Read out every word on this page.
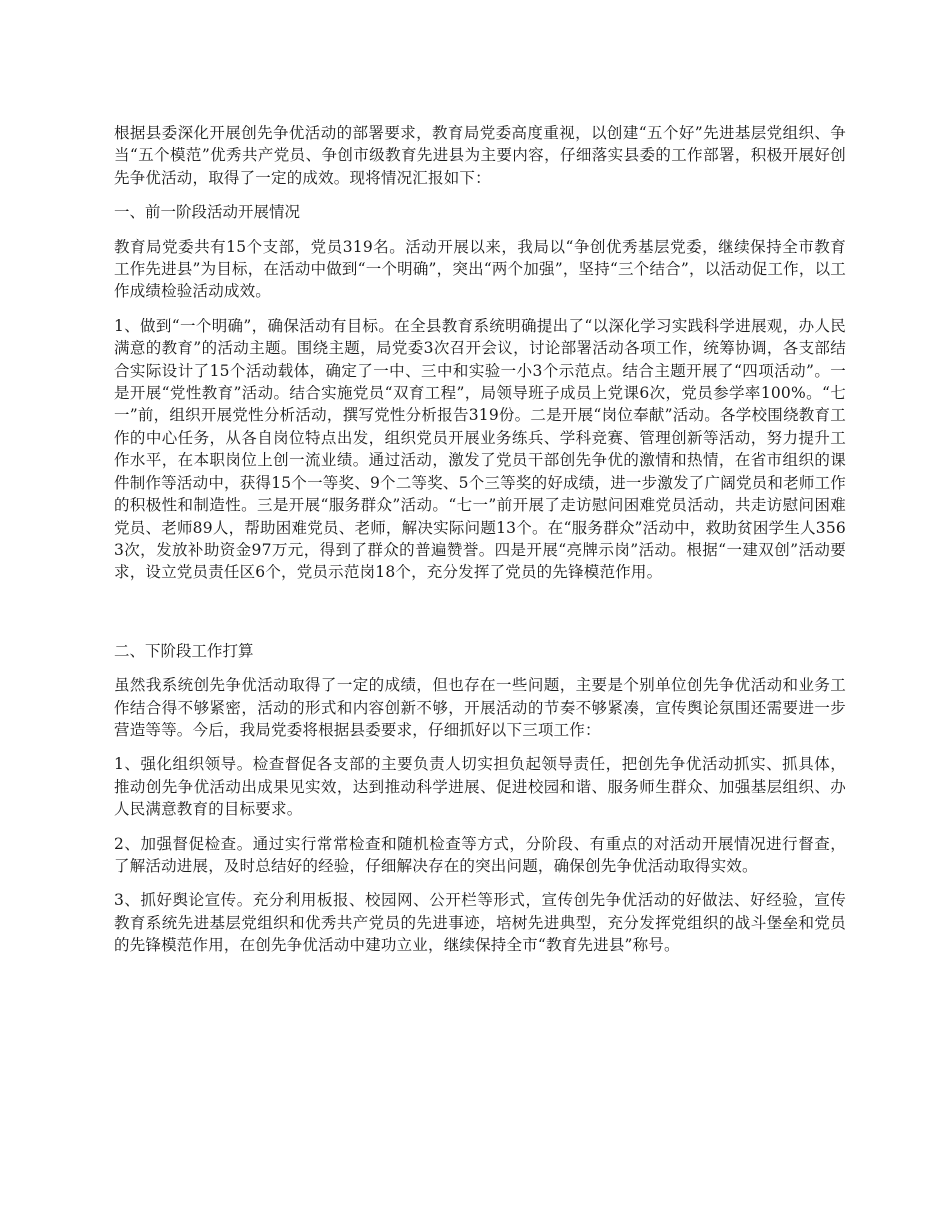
根据县委深化开展创先争优活动的部署要求，教育局党委高度重视，以创建“五个好”先进基层党组织、争当“五个模范”优秀共产党员、争创市级教育先进县为主要内容，仔细落实县委的工作部署，积极开展好创先争优活动，取得了一定的成效。现将情况汇报如下：

一、前一阶段活动开展情况

教育局党委共有15个支部，党员319名。活动开展以来，我局以“争创优秀基层党委，继续保持全市教育工作先进县”为目标，在活动中做到“一个明确”，突出“两个加强”，坚持“三个结合”，以活动促工作，以工作成绩检验活动成效。

1、做到“一个明确”，确保活动有目标。在全县教育系统明确提出了“以深化学习实践科学进展观，办人民满意的教育”的活动主题。围绕主题，局党委3次召开会议，讨论部署活动各项工作，统筹协调，各支部结合实际设计了15个活动载体，确定了一中、三中和实验一小3个示范点。结合主题开展了“四项活动”。一是开展“党性教育”活动。结合实施党员“双育工程”，局领导班子成员上党课6次，党员参学率100%。“七一”前，组织开展党性分析活动，撰写党性分析报告319份。二是开展“岗位奉献”活动。各学校围绕教育工作的中心任务，从各自岗位特点出发，组织党员开展业务练兵、学科竞赛、管理创新等活动，努力提升工作水平，在本职岗位上创一流业绩。通过活动，激发了党员干部创先争优的激情和热情，在省市组织的课件制作等活动中，获得15个一等奖、9个二等奖、5个三等奖的好成绩，进一步激发了广阔党员和老师工作的积极性和制造性。三是开展“服务群众”活动。“七一”前开展了走访慰问困难党员活动，共走访慰问困难党员、老师89人，帮助困难党员、老师，解决实际问题13个。在“服务群众”活动中，救助贫困学生人3563次，发放补助资金97万元，得到了群众的普遍赞誉。四是开展“亮牌示岗”活动。根据“一建双创”活动要求，设立党员责任区6个，党员示范岗18个，充分发挥了党员的先锋模范作用。

二、下阶段工作打算

虽然我系统创先争优活动取得了一定的成绩，但也存在一些问题，主要是个别单位创先争优活动和业务工作结合得不够紧密，活动的形式和内容创新不够，开展活动的节奏不够紧凑，宣传舆论氛围还需要进一步营造等等。今后，我局党委将根据县委要求，仔细抓好以下三项工作：

1、强化组织领导。检查督促各支部的主要负责人切实担负起领导责任，把创先争优活动抓实、抓具体，推动创先争优活动出成果见实效，达到推动科学进展、促进校园和谐、服务师生群众、加强基层组织、办人民满意教育的目标要求。

2、加强督促检查。通过实行常常检查和随机检查等方式，分阶段、有重点的对活动开展情况进行督查，了解活动进展，及时总结好的经验，仔细解决存在的突出问题，确保创先争优活动取得实效。

3、抓好舆论宣传。充分利用板报、校园网、公开栏等形式，宣传创先争优活动的好做法、好经验，宣传教育系统先进基层党组织和优秀共产党员的先进事迹，培树先进典型，充分发挥党组织的战斗堡垒和党员的先锋模范作用，在创先争优活动中建功立业，继续保持全市“教育先进县”称号。
